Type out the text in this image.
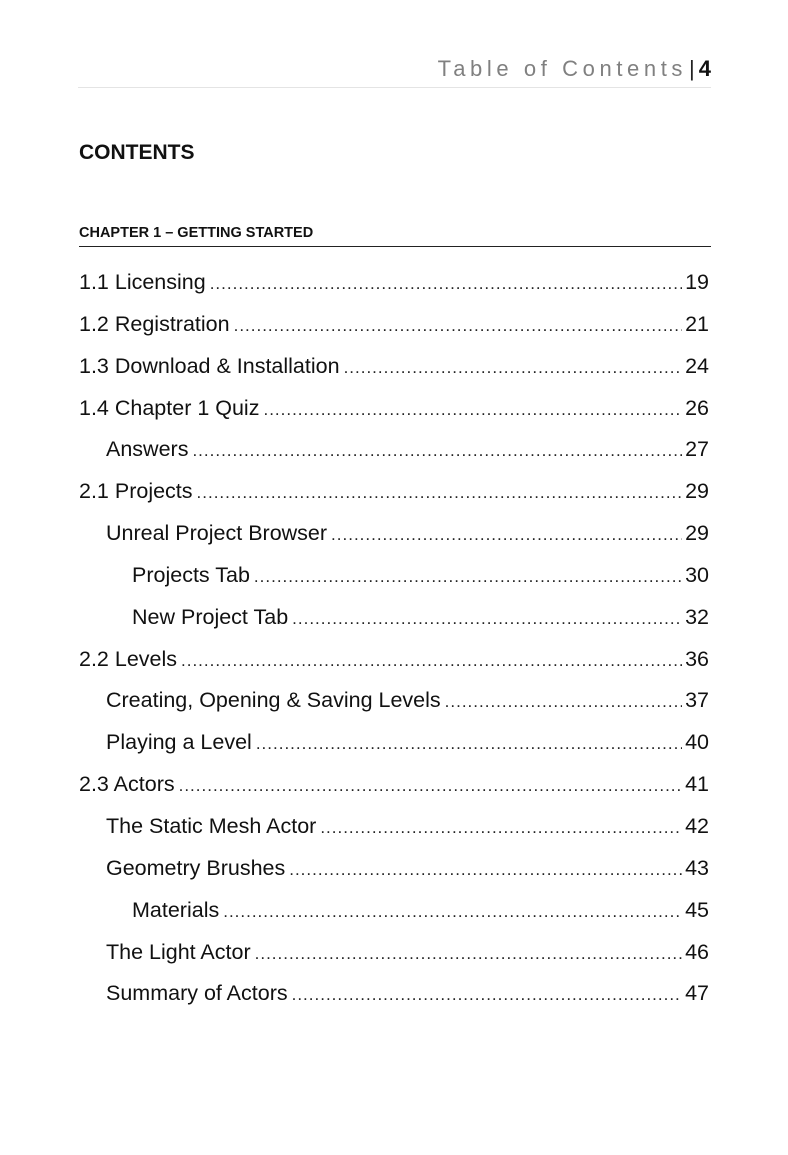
Table of Contents| 4
CONTENTS
CHAPTER 1 – GETTING STARTED
1.1 Licensing .....	19
1.2 Registration .....	21
1.3 Download & Installation .....	24
1.4 Chapter 1 Quiz .....	26
Answers .....	27
2.1 Projects .....	29
Unreal Project Browser .....	29
Projects Tab .....	30
New Project Tab .....	32
2.2 Levels .....	36
Creating, Opening & Saving Levels .....	37
Playing a Level .....	40
2.3 Actors .....	41
The Static Mesh Actor .....	42
Geometry Brushes .....	43
Materials .....	45
The Light Actor .....	46
Summary of Actors .....	47
